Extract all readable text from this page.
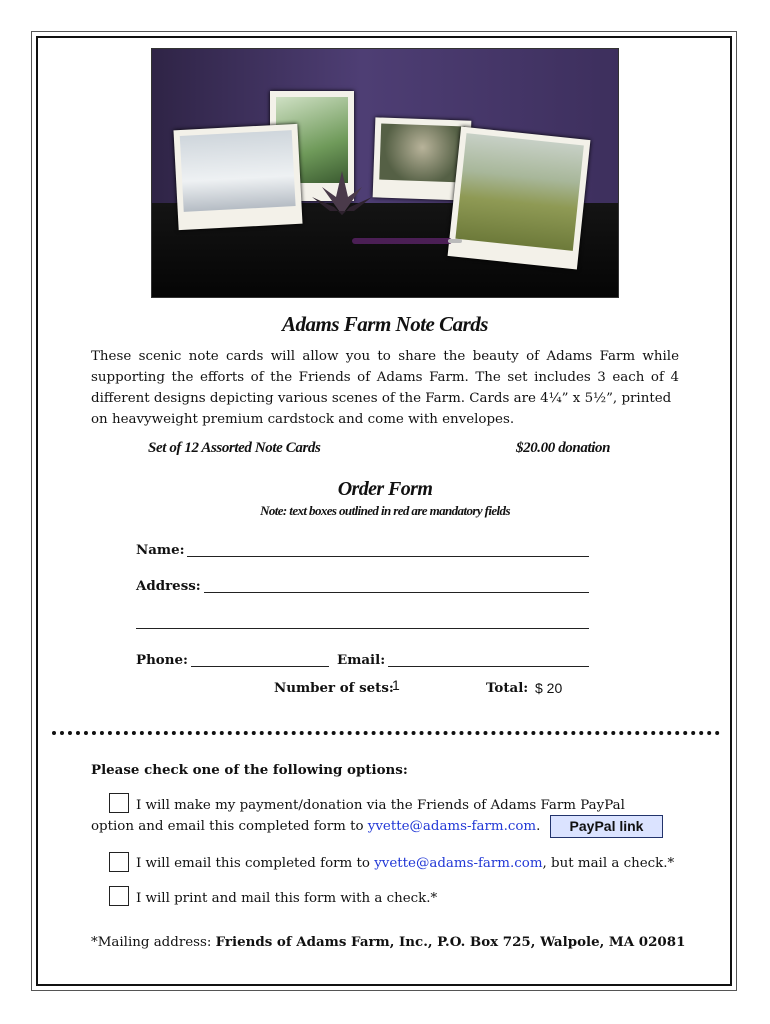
Adams Farm Note Cards
These scenic note cards will allow you to share the beauty of Adams Farm while supporting the efforts of the Friends of Adams Farm. The set includes 3 each of 4 different designs depicting various scenes of the Farm. Cards are 4¼” x 5½”, printed
on heavyweight premium cardstock and come with envelopes.
Set of 12 Assorted Note Cards	$20.00 donation
Order Form
Note: text boxes outlined in red are mandatory fields
Name:
Address:
Phone:	Email:
Number of sets:
1	Total: $ 20
Please check one of the following options:
I will make my payment/donation via the Friends of Adams Farm PayPal
option and email this completed form to yvette@adams-farm.com.	PayPal link
I will email this completed form to yvette@adams-farm.com, but mail a check.*
I will print and mail this form with a check.*
*Mailing address: Friends of Adams Farm, Inc., P.O. Box 725, Walpole, MA 02081
